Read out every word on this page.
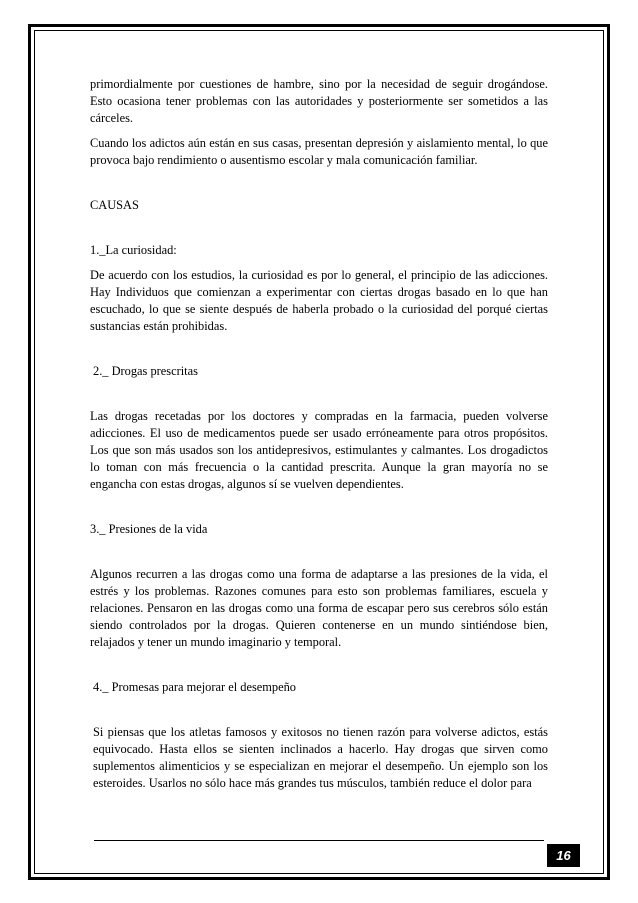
primordialmente por cuestiones de hambre, sino por la necesidad de seguir drogándose. Esto ocasiona tener problemas con las autoridades y posteriormente ser sometidos a las cárceles.

Cuando los adictos aún están en sus casas, presentan depresión y aislamiento mental, lo que provoca bajo rendimiento o ausentismo escolar y mala comunicación familiar.

CAUSAS

1._La curiosidad:

De acuerdo con los estudios, la curiosidad es por lo general, el principio de las adicciones. Hay Individuos que comienzan a experimentar con ciertas drogas basado en lo que han escuchado, lo que se siente después de haberla probado o la curiosidad del porqué ciertas sustancias están prohibidas.

2._ Drogas prescritas

Las drogas recetadas por los doctores y compradas en la farmacia, pueden volverse adicciones. El uso de medicamentos puede ser usado erróneamente para otros propósitos. Los que son más usados son los antidepresivos, estimulantes y calmantes. Los drogadictos lo toman con más frecuencia o la cantidad prescrita. Aunque la gran mayoría no se engancha con estas drogas, algunos sí se vuelven dependientes.

3._ Presiones de la vida

Algunos recurren a las drogas como una forma de adaptarse a las presiones de la vida, el estrés y los problemas. Razones comunes para esto son problemas familiares, escuela y relaciones. Pensaron en las drogas como una forma de escapar pero sus cerebros sólo están siendo controlados por la drogas. Quieren contenerse en un mundo sintiéndose bien, relajados y tener un mundo imaginario y temporal.

4._ Promesas para mejorar el desempeño

Si piensas que los atletas famosos y exitosos no tienen razón para volverse adictos, estás equivocado. Hasta ellos se sienten inclinados a hacerlo. Hay drogas que sirven como suplementos alimenticios y se especializan en mejorar el desempeño. Un ejemplo son los esteroides. Usarlos no sólo hace más grandes tus músculos, también reduce el dolor para

16
